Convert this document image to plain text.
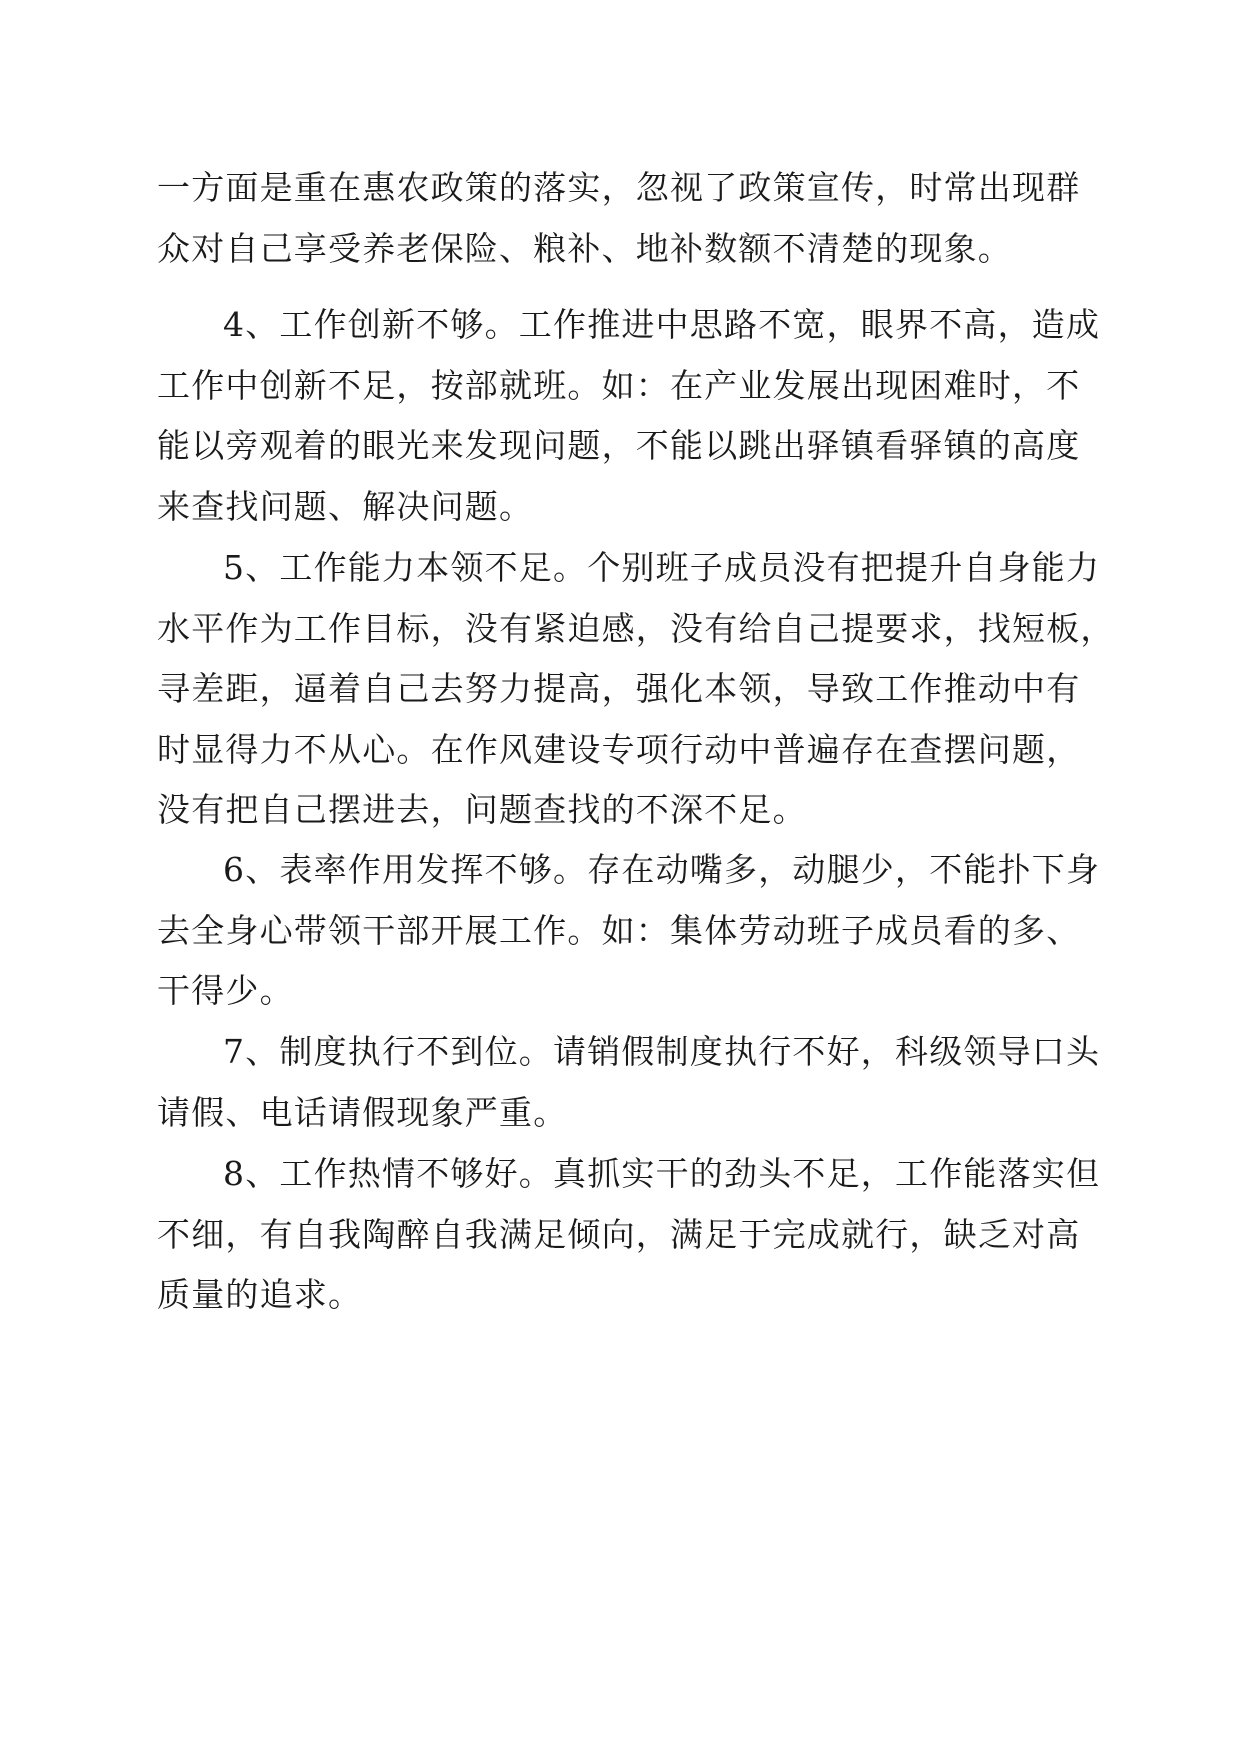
一方面是重在惠农政策的落实，忽视了政策宣传，时常出现群
众对自己享受养老保险、粮补、地补数额不清楚的现象。
4、工作创新不够。工作推进中思路不宽，眼界不高，造成
工作中创新不足，按部就班。如：在产业发展出现困难时，不
能以旁观着的眼光来发现问题，不能以跳出驿镇看驿镇的高度
来查找问题、解决问题。
5、工作能力本领不足。个别班子成员没有把提升自身能力
水平作为工作目标，没有紧迫感，没有给自己提要求，找短板，
寻差距，逼着自己去努力提高，强化本领，导致工作推动中有
时显得力不从心。在作风建设专项行动中普遍存在查摆问题，
没有把自己摆进去，问题查找的不深不足。
6、表率作用发挥不够。存在动嘴多，动腿少，不能扑下身
去全身心带领干部开展工作。如：集体劳动班子成员看的多、
干得少。
7、制度执行不到位。请销假制度执行不好，科级领导口头
请假、电话请假现象严重。
8、工作热情不够好。真抓实干的劲头不足，工作能落实但
不细，有自我陶醉自我满足倾向，满足于完成就行，缺乏对高
质量的追求。
